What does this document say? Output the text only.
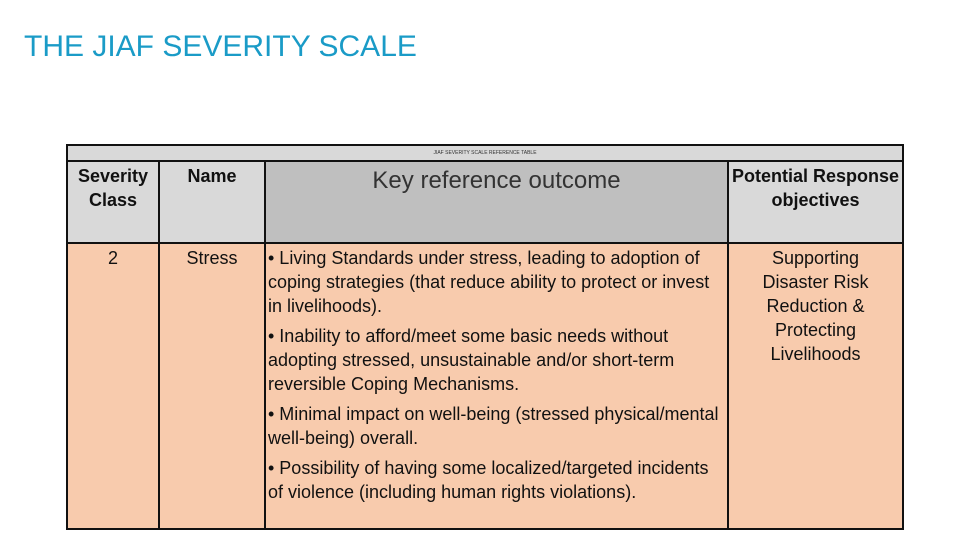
THE JIAF SEVERITY SCALE
JIAF SEVERITY SCALE REFERENCE TABLE			
Severity Class	Name	Key reference outcome	Potential Response objectives
2	Stress	• Living Standards under stress, leading to adoption of coping strategies (that reduce ability to protect or invest in livelihoods).

• Inability to afford/meet some basic needs without adopting stressed, unsustainable and/or short-term reversible Coping Mechanisms.

• Minimal impact on well-being (stressed physical/mental well-being) overall.

• Possibility of having some localized/targeted incidents of violence (including human rights violations).	Supporting Disaster Risk Reduction & Protecting Livelihoods
